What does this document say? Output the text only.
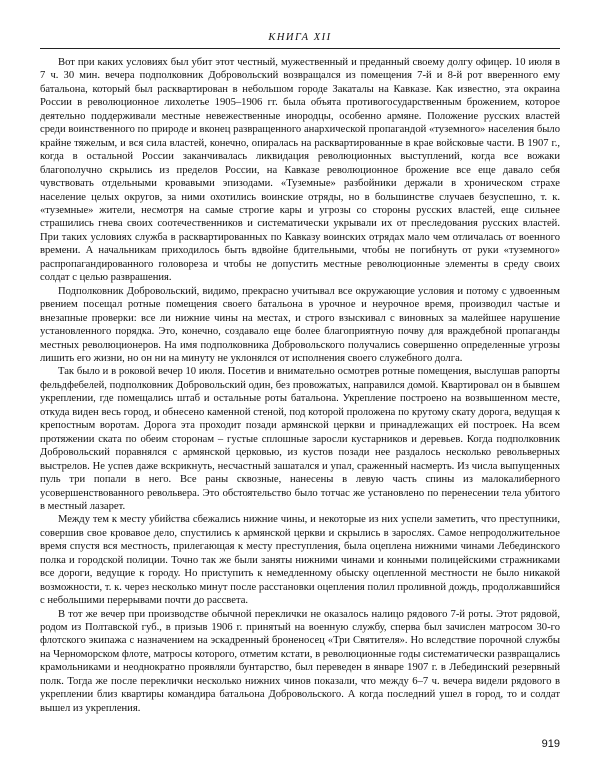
КНИГА XII

Вот при каких условиях был убит этот честный, мужественный и преданный своему долгу офицер. 10 июля в 7 ч. 30 мин. вечера подполковник Добровольский возвращался из помещения 7-й и 8-й рот вверенного ему батальона, который был расквартирован в небольшом городе Закаталы на Кавказе. Как известно, эта окраина России в революционное лихолетье 1905–1906 гг. была объята противогосударственным брожением, которое деятельно поддерживали местные невежественные инородцы, особенно армяне. Положение русских властей среди воинственного по природе и вконец развращенного анархической пропагандой «туземного» населения было крайне тяжелым, и вся сила властей, конечно, опиралась на расквартированные в крае войсковые части. В 1907 г., когда в остальной России заканчивалась ликвидация революционных выступлений, когда все вожаки благополучно скрылись из пределов России, на Кавказе революционное брожение все еще давало себя чувствовать отдельными кровавыми эпизодами. «Туземные» разбойники держали в хроническом страхе население целых округов, за ними охотились воинские отряды, но в большинстве случаев безуспешно, т. к. «туземные» жители, несмотря на самые строгие кары и угрозы со стороны русских властей, еще сильнее страшились гнева своих соотечественников и систематически укрывали их от преследования русских властей. При таких условиях служба в расквартированных по Кавказу воинских отрядах мало чем отличалась от военного времени. А начальникам приходилось быть вдвойне бдительными, чтобы не погибнуть от руки «туземного» распропагандированного головореза и чтобы не допустить местные революционные элементы в среду своих солдат с целью разврашения.

Подполковник Добровольский, видимо, прекрасно учитывал все окружающие условия и потому с удвоенным рвением посещал ротные помещения своего батальона в урочное и неурочное время, производил частые и внезапные проверки: все ли нижние чины на местах, и строго взыскивал с виновных за малейшее нарушение установленного порядка. Это, конечно, создавало еще более благоприятную почву для враждебной пропаганды местных революционеров. На имя подполковника Добровольского получались совершенно определенные угрозы лишить его жизни, но он ни на минуту не уклонялся от исполнения своего служебного долга.

Так было и в роковой вечер 10 июля. Посетив и внимательно осмотрев ротные помещения, выслушав рапорты фельдфебелей, подполковник Добровольский один, без провожатых, направился домой. Квартировал он в бывшем укреплении, где помещались штаб и остальные роты батальона. Укрепление построено на возвышенном месте, откуда виден весь город, и обнесено каменной стеной, под которой проложена по крутому скату дорога, ведущая к крепостным воротам. Дорога эта проходит позади армянской церкви и принадлежащих ей построек. На всем протяжении ската по обеим сторонам – густые сплошные заросли кустарников и деревьев. Когда подполковник Добровольский поравнялся с армянской церковью, из кустов позади нее раздалось несколько револьверных выстрелов. Не успев даже вскрикнуть, несчастный зашатался и упал, сраженный насмерть. Из числа выпущенных пуль три попали в него. Все раны сквозные, нанесены в левую часть спины из малокалиберного усовершенствованного револьвера. Это обстоятельство было тотчас же установлено по перенесении тела убитого в местный лазарет.

Между тем к месту убийства сбежались нижние чины, и некоторые из них успели заметить, что преступники, совершив свое кровавое дело, спустились к армянской церкви и скрылись в зарослях. Самое непродолжительное время спустя вся местность, прилегающая к месту преступления, была оцеплена нижними чинами Лебединского полка и городской полиции. Точно так же были заняты нижними чинами и конными полицейскими стражниками все дороги, ведущие к городу. Но приступить к немедленному обыску оцепленной местности не было никакой возможности, т. к. через несколько минут после расстановки оцепления полил проливной дождь, продолжавшийся с небольшими перерывами почти до рассвета.

В тот же вечер при производстве обычной переклички не оказалось налицо рядового 7-й роты. Этот рядовой, родом из Полтавской губ., в призыв 1906 г. принятый на военную службу, сперва был зачислен матросом 30-го флотского экипажа с назначением на эскадренный броненосец «Три Святителя». Но вследствие порочной службы на Черноморском флоте, матросы которого, отметим кстати, в революционные годы систематически развращались крамольниками и неоднократно проявляли бунтарство, был переведен в январе 1907 г. в Лебединский резервный полк. Тогда же после переклички несколько нижних чинов показали, что между 6–7 ч. вечера видели рядового в укреплении близ квартиры командира батальона Добровольского. А когда последний ушел в город, то и солдат вышел из укрепления.

919
